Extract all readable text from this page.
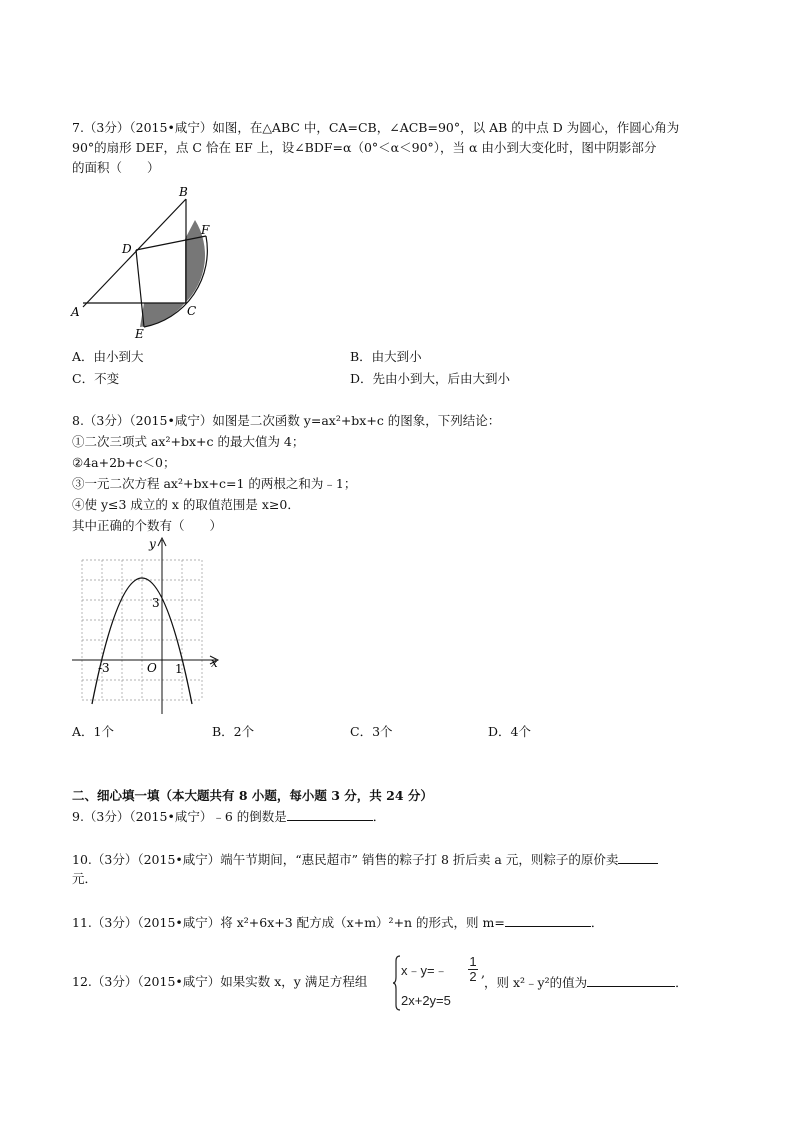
7.（3分）（2015•咸宁）如图，在△ABC 中，CA=CB，∠ACB=90°，以 AB 的中点 D 为圆心，作圆心角为
90°的扇形 DEF，点 C 恰在 EF 上，设∠BDF=α（0°＜α＜90°），当 α 由小到大变化时，图中阴影部分
的面积（　　）
B
F
D
A	C
E
A．由小到大	B．由大到小
C．不变	D．先由小到大，后由大到小
8.（3分）（2015•咸宁）如图是二次函数 y=ax²+bx+c 的图象，下列结论：
①二次三项式 ax²+bx+c 的最大值为 4；
②4a+2b+c＜0；
③一元二次方程 ax²+bx+c=1 的两根之和为﹣1；
④使 y≤3 成立的 x 的取值范围是 x≥0．
其中正确的个数有（　　）
y
x
3
-3	O 1
A．1个	B．2个	C．3个	D．4个
二、细心填一填（本大题共有 8 小题，每小题 3 分，共 24 分）
9.（3分）（2015•咸宁）﹣6 的倒数是	．
10.（3分）（2015•咸宁）端午节期间，“惠民超市” 销售的粽子打 8 折后卖 a 元，则粽子的原价卖
元．
11.（3分）（2015•咸宁）将 x²+6x+3 配方成（x+m）²+n 的形式，则 m=	．
12.（3分）（2015•咸宁）如果实数 x，y 满足方程组
x﹣y=﹣
1
2 ,
2x+2y=5
，则 x²﹣y²的值为	．
